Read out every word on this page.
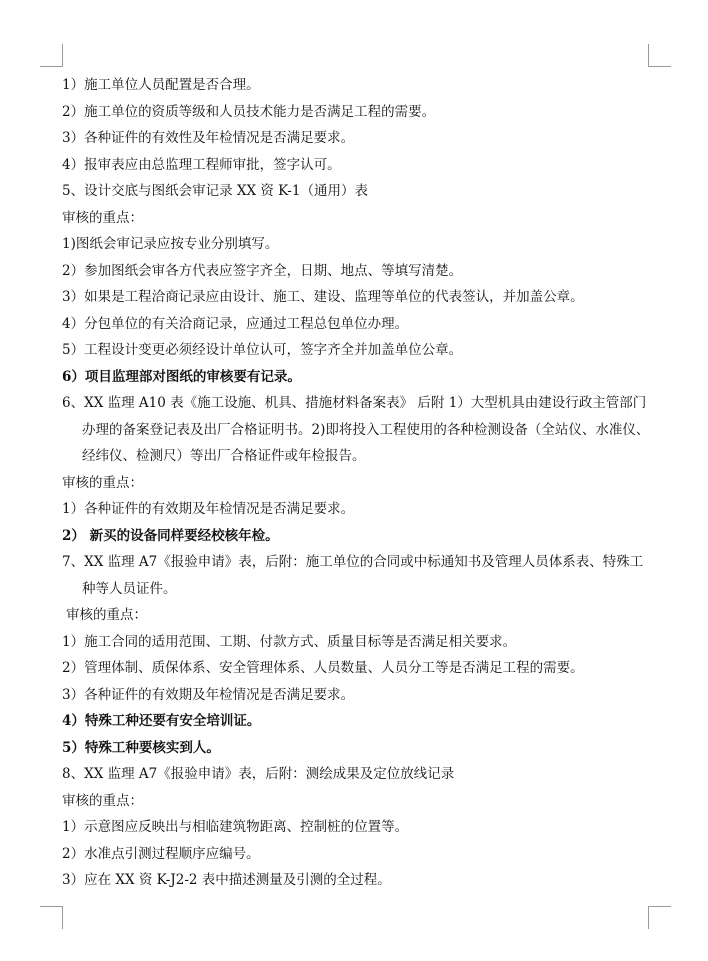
1）施工单位人员配置是否合理。
2）施工单位的资质等级和人员技术能力是否满足工程的需要。
3）各种证件的有效性及年检情况是否满足要求。
4）报审表应由总监理工程师审批，签字认可。
5、设计交底与图纸会审记录 XX 资 K-1（通用）表
审核的重点：
1)图纸会审记录应按专业分别填写。
2）参加图纸会审各方代表应签字齐全，日期、地点、等填写清楚。
3）如果是工程洽商记录应由设计、施工、建设、监理等单位的代表签认，并加盖公章。
4）分包单位的有关洽商记录，应通过工程总包单位办理。
5）工程设计变更必须经设计单位认可，签字齐全并加盖单位公章。
6）项目监理部对图纸的审核要有记录。
6、XX 监理 A10 表《施工设施、机具、措施材料备案表》 后附 1）大型机具由建设行政主管部门办理的备案登记表及出厂合格证明书。2)即将投入工程使用的各种检测设备（全站仪、水准仪、经纬仪、检测尺）等出厂合格证件或年检报告。
审核的重点：
1）各种证件的有效期及年检情况是否满足要求。
2） 新买的设备同样要经校核年检。
7、XX 监理 A7《报验申请》表，后附：施工单位的合同或中标通知书及管理人员体系表、特殊工种等人员证件。
审核的重点：
1）施工合同的适用范围、工期、付款方式、质量目标等是否满足相关要求。
2）管理体制、质保体系、安全管理体系、人员数量、人员分工等是否满足工程的需要。
3）各种证件的有效期及年检情况是否满足要求。
4）特殊工种还要有安全培训证。
5）特殊工种要核实到人。
8、XX 监理 A7《报验申请》表，后附：测绘成果及定位放线记录
审核的重点：
1）示意图应反映出与相临建筑物距离、控制桩的位置等。
2）水准点引测过程顺序应编号。
3）应在 XX 资 K-J2-2 表中描述测量及引测的全过程。
